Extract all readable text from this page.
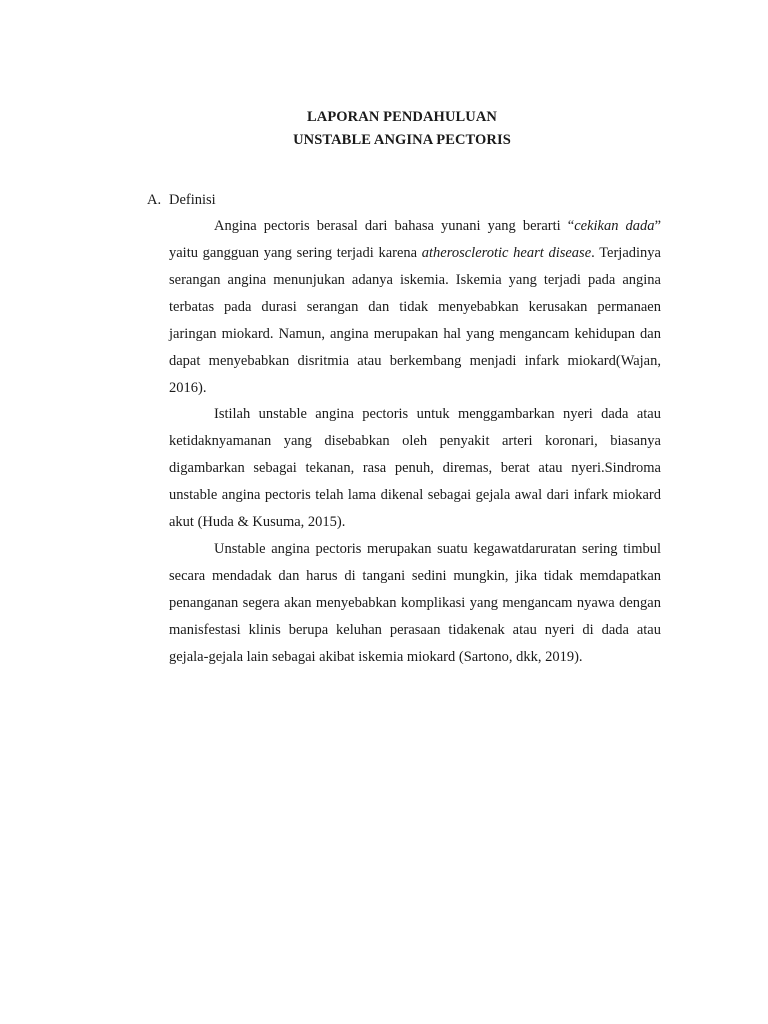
LAPORAN PENDAHULUAN
UNSTABLE ANGINA PECTORIS
A. Definisi

Angina pectoris berasal dari bahasa yunani yang berarti “cekikan dada” yaitu gangguan yang sering terjadi karena atherosclerotic heart disease. Terjadinya serangan angina menunjukan adanya iskemia. Iskemia yang terjadi pada angina terbatas pada durasi serangan dan tidak menyebabkan kerusakan permanaen jaringan miokard. Namun, angina merupakan hal yang mengancam kehidupan dan dapat menyebabkan disritmia atau berkembang menjadi infark miokard(Wajan, 2016).

Istilah unstable angina pectoris untuk menggambarkan nyeri dada atau ketidaknyamanan yang disebabkan oleh penyakit arteri koronari, biasanya digambarkan sebagai tekanan, rasa penuh, diremas, berat atau nyeri.Sindroma unstable angina pectoris telah lama dikenal sebagai gejala awal dari infark miokard akut (Huda & Kusuma, 2015).

Unstable angina pectoris merupakan suatu kegawatdaruratan sering timbul secara mendadak dan harus di tangani sedini mungkin, jika tidak memdapatkan penanganan segera akan menyebabkan komplikasi yang mengancam nyawa dengan manisfestasi klinis berupa keluhan perasaan tidakenak atau nyeri di dada atau gejala-gejala lain sebagai akibat iskemia miokard (Sartono, dkk, 2019).
